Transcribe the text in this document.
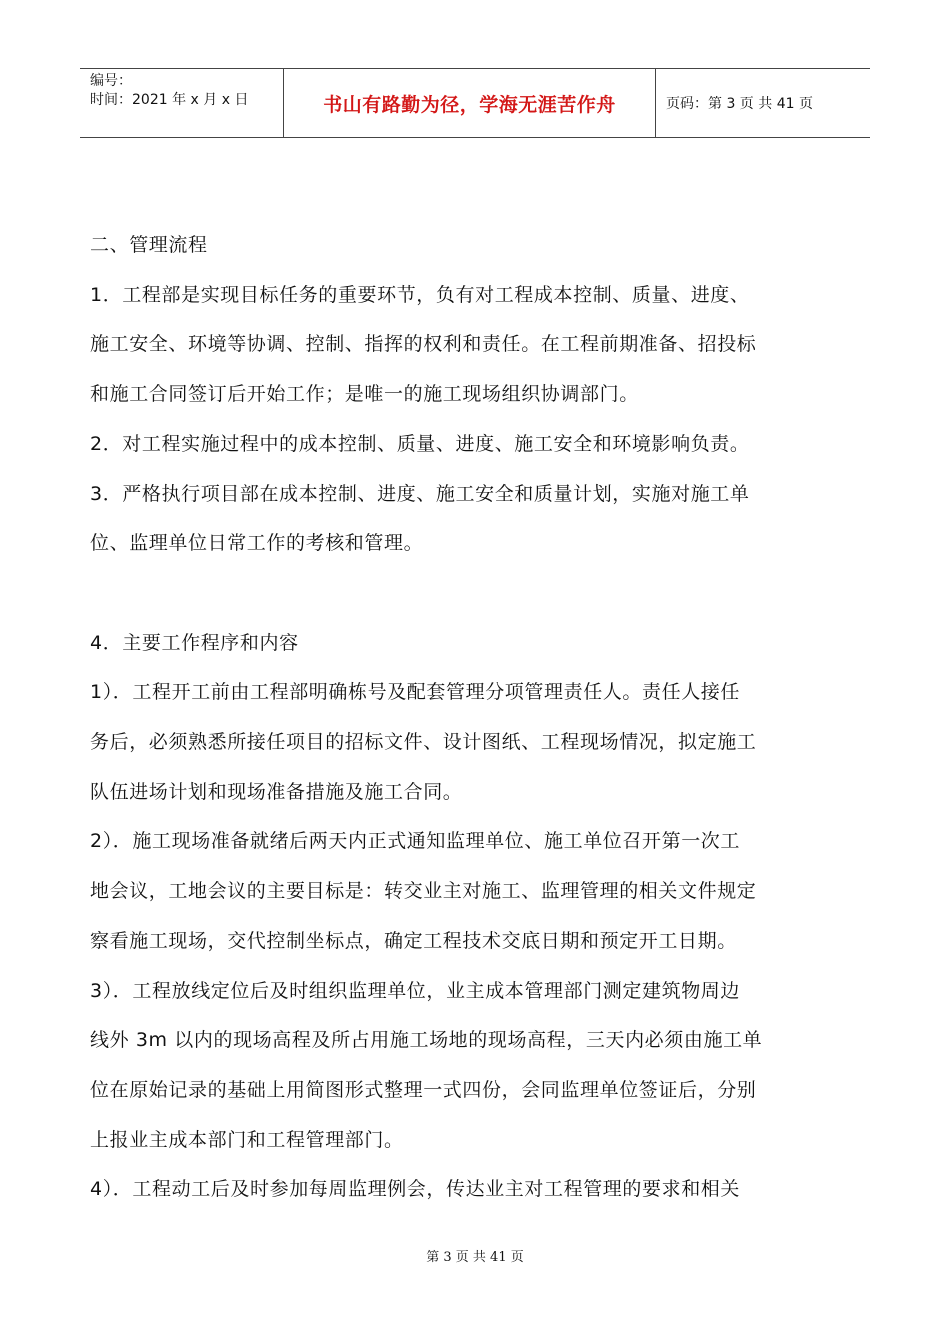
编号：
时间：2021 年 x 月 x 日	书山有路勤为径，学海无涯苦作舟	页码：第 3 页 共 41 页
二、管理流程
1．工程部是实现目标任务的重要环节，负有对工程成本控制、质量、进度、
施工安全、环境等协调、控制、指挥的权利和责任。在工程前期准备、招投标
和施工合同签订后开始工作；是唯一的施工现场组织协调部门。
2．对工程实施过程中的成本控制、质量、进度、施工安全和环境影响负责。
3．严格执行项目部在成本控制、进度、施工安全和质量计划，实施对施工单
位、监理单位日常工作的考核和管理。
4．主要工作程序和内容
1）．工程开工前由工程部明确栋号及配套管理分项管理责任人。责任人接任
务后，必须熟悉所接任项目的招标文件、设计图纸、工程现场情况，拟定施工
队伍进场计划和现场准备措施及施工合同。
2）．施工现场准备就绪后两天内正式通知监理单位、施工单位召开第一次工
地会议，工地会议的主要目标是：转交业主对施工、监理管理的相关文件规定
察看施工现场，交代控制坐标点，确定工程技术交底日期和预定开工日期。
3）．工程放线定位后及时组织监理单位，业主成本管理部门测定建筑物周边
线外 3m 以内的现场高程及所占用施工场地的现场高程，三天内必须由施工单
位在原始记录的基础上用简图形式整理一式四份，会同监理单位签证后，分别
上报业主成本部门和工程管理部门。
4）．工程动工后及时参加每周监理例会，传达业主对工程管理的要求和相关
第 3 页 共 41 页
